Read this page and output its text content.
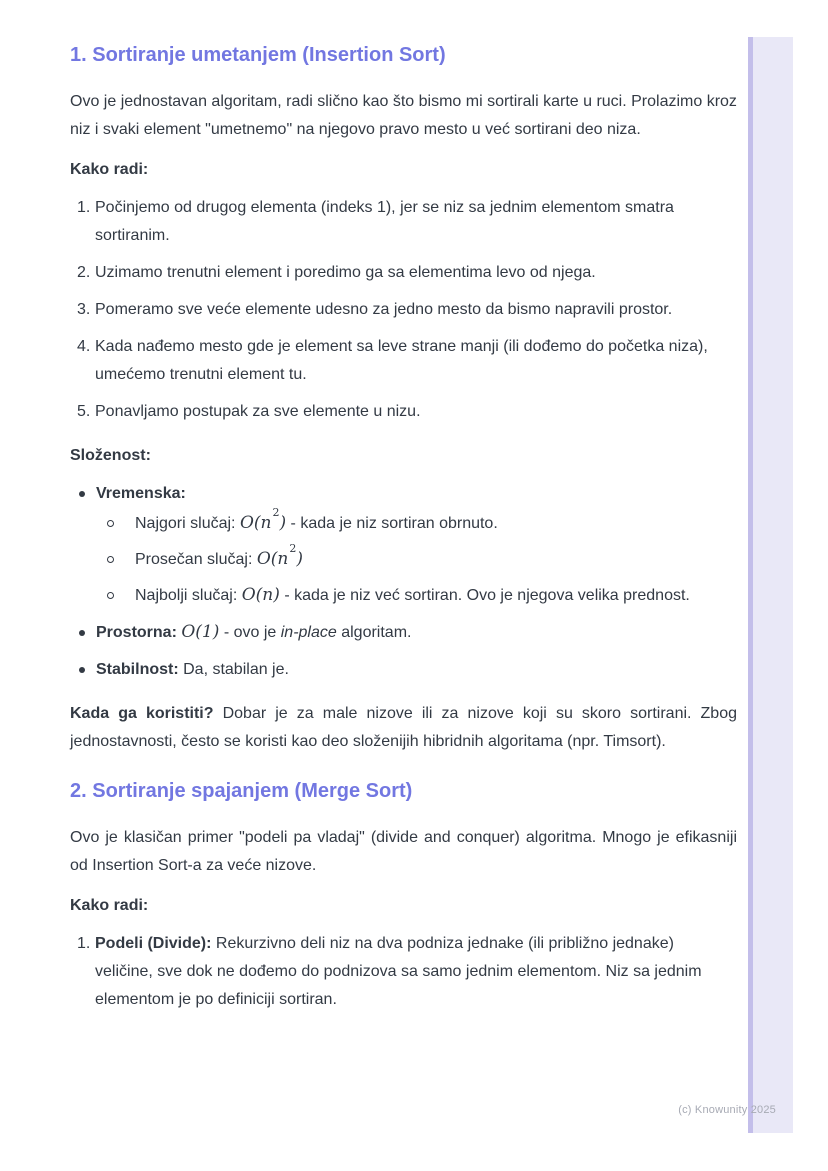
1. Sortiranje umetanjem (Insertion Sort)

Ovo je jednostavan algoritam, radi slično kao što bismo mi sortirali karte u ruci. Prolazimo kroz niz i svaki element "umetnemo" na njegovo pravo mesto u već sortirani deo niza.

Kako radi:

Počinjemo od drugog elementa (indeks 1), jer se niz sa jednim elementom smatra sortiranim.
Uzimamo trenutni element i poredimo ga sa elementima levo od njega.
Pomeramo sve veće elemente udesno za jedno mesto da bismo napravili prostor.
Kada nađemo mesto gde je element sa leve strane manji (ili dođemo do početka niza), umećemo trenutni element tu.
Ponavljamo postupak za sve elemente u nizu.

Složenost:

Vremenska:
Najgori slučaj: $O(n^2)$ - kada je niz sortiran obrnuto.
Prosečan slučaj: $O(n^2)$
Najbolji slučaj: O(n) - kada je niz već sortiran. Ovo je njegova velika prednost.
Prostorna: O(1) - ovo je in-place algoritam.
Stabilnost: Da, stabilan je.

Kada ga koristiti? Dobar je za male nizove ili za nizove koji su skoro sortirani. Zbog jednostavnosti, često se koristi kao deo složenijih hibridnih algoritama (npr. Timsort).

2. Sortiranje spajanjem (Merge Sort)

Ovo je klasičan primer "podeli pa vladaj" (divide and conquer) algoritma. Mnogo je efikasniji od Insertion Sort-a za veće nizove.

Kako radi:

Podeli (Divide): Rekurzivno deli niz na dva podniza jednake (ili približno jednake) veličine, sve dok ne dođemo do podnizova sa samo jednim elementom. Niz sa jednim elementom je po definiciji sortiran.
(c) Knowunity 2025
